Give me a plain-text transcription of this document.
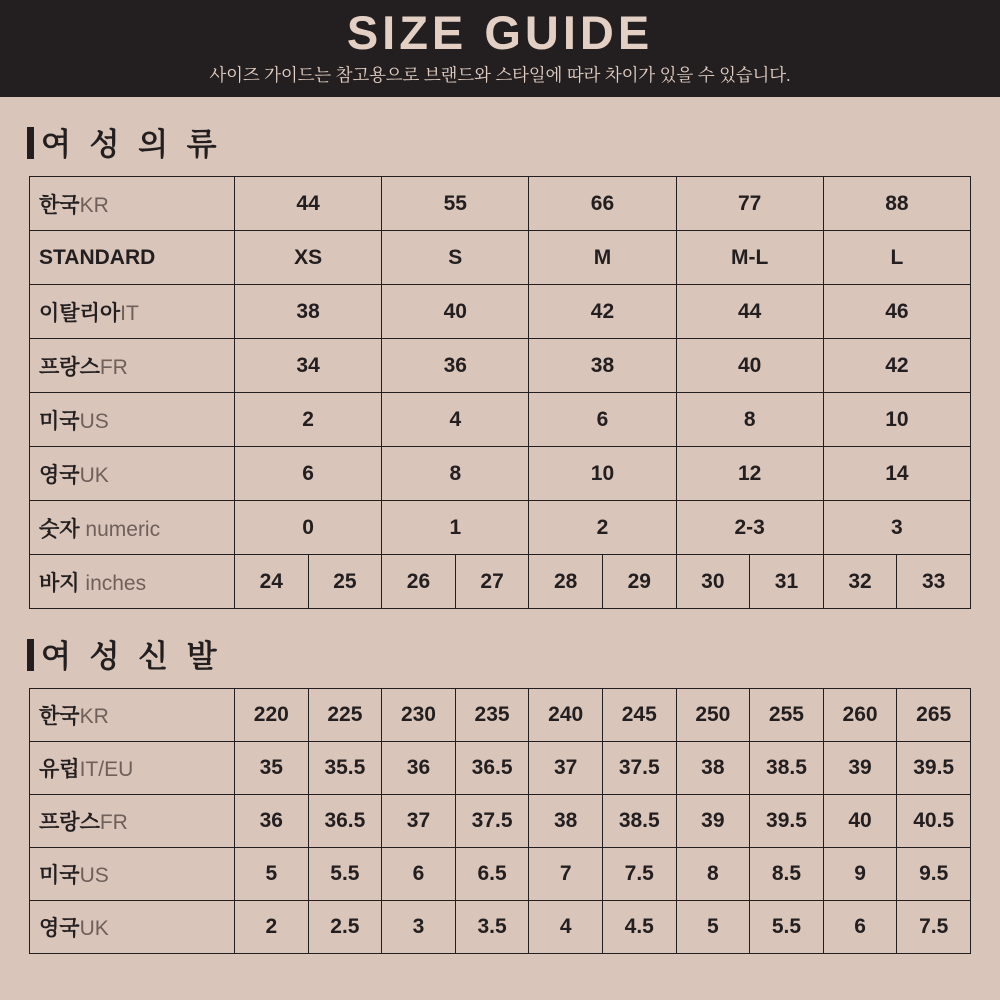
SIZE GUIDE
사이즈 가이드는 참고용으로 브랜드와 스타일에 따라 차이가 있을 수 있습니다.
여 성 의 류
한국KR	44		55		66		77		88	
STANDARD	XS		S		M		M-L		L	
이탈리아IT	38		40		42		44		46	
프랑스FR	34		36		38		40		42	
미국US	2		4		6		8		10	
영국UK	6		8		10		12		14	
숫자 numeric	0		1		2		2-3		3	
바지 inches	24	25	26	27	28	29	30	31	32	33
여 성 신 발
한국KR	220	225	230	235	240	245	250	255	260	265
유럽IT/EU	35	35.5	36	36.5	37	37.5	38	38.5	39	39.5
프랑스FR	36	36.5	37	37.5	38	38.5	39	39.5	40	40.5
미국US	5	5.5	6	6.5	7	7.5	8	8.5	9	9.5
영국UK	2	2.5	3	3.5	4	4.5	5	5.5	6	7.5
